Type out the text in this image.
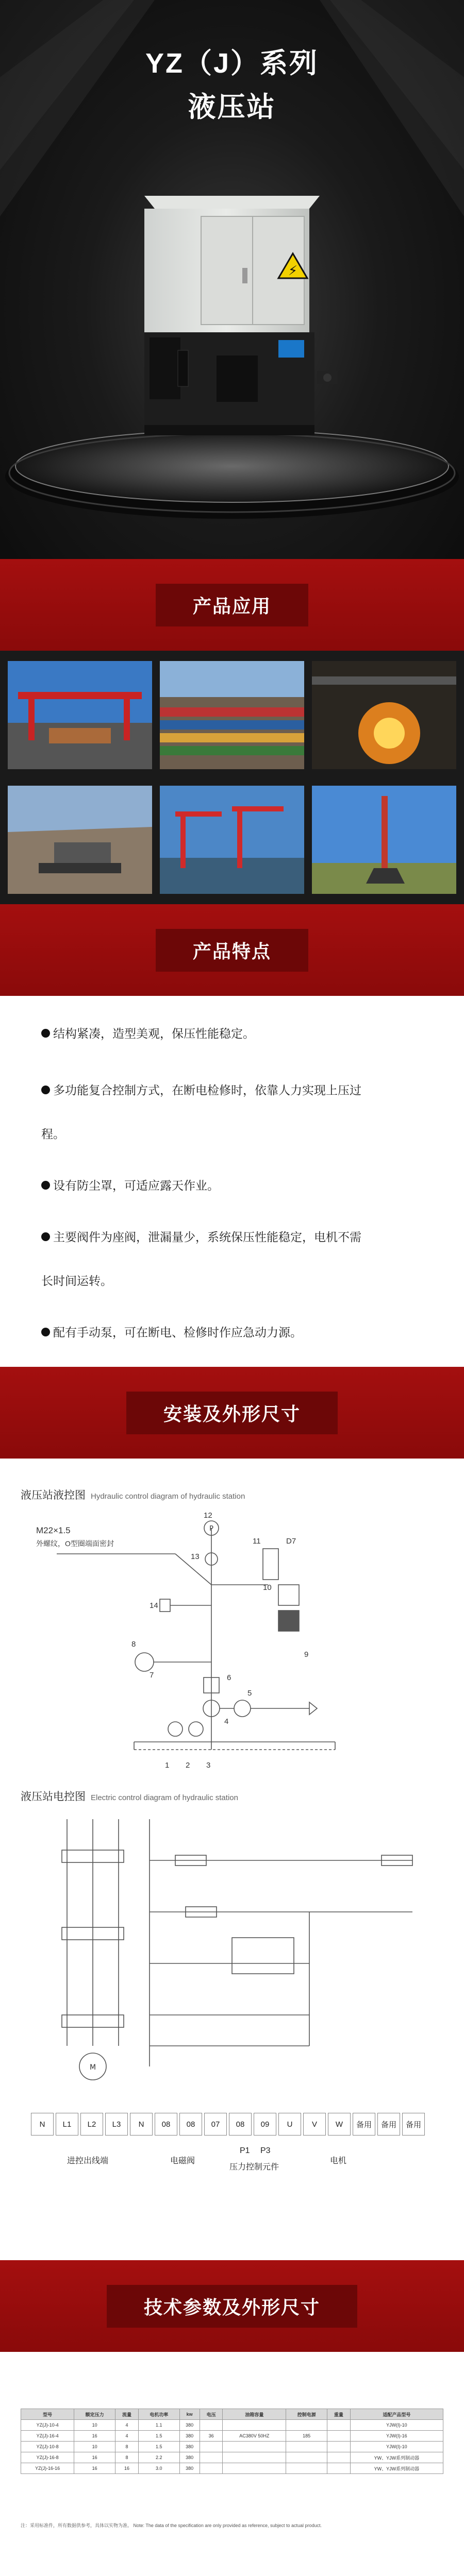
⚡
YZ（J）系列
液压站
产品应用
产品特点
结构紧凑，造型美观，保压性能稳定。
多功能复合控制方式，在断电检修时，依靠人力实现上压过
程。
设有防尘罩，可适应露天作业。
主要阀件为座阀，泄漏量少，系统保压性能稳定，电机不需
长时间运转。
配有手动泵，可在断电、检修时作应急动力源。
安装及外形尺寸
液压站液控图 Hydraulic control diagram of hydraulic station
P
M22×1.5
外螺纹，O型圈端面密封
12
13
11	D7
10
14
9
8
7	6
5
4
3
2
1
液压站电控图 Electric control diagram of hydraulic station
M
N	L1	L2	L3	N	08	08	07	08	09	U	V	W	备用	备用	备用
进控出线端	电磁阀
P1 P3
压力控制元件
电机
技术参数及外形尺寸
型号	额定压力	流量	电机功率	kw	电压	油箱容量	控制电源	重量	适配产品型号
YZ(J)-10-4	10	4	1.1	380					YJW(I)-10
YZ(J)-16-4	16	4	1.5	380	36	AC380V 50HZ	185		YJW(I)-16
YZ(J)-10-8	10	8	1.5	380					YJW(I)-10
YZ(J)-16-8	16	8	2.2	380					YW、YJW系列制动器
YZ(J)-16-16	16	16	3.0	380					YW、YJW系列制动器
注：采用标准件，所有数据供参考，具体以实物为准。 Note: The data of the specification are only provided as reference, subject to actual product.
